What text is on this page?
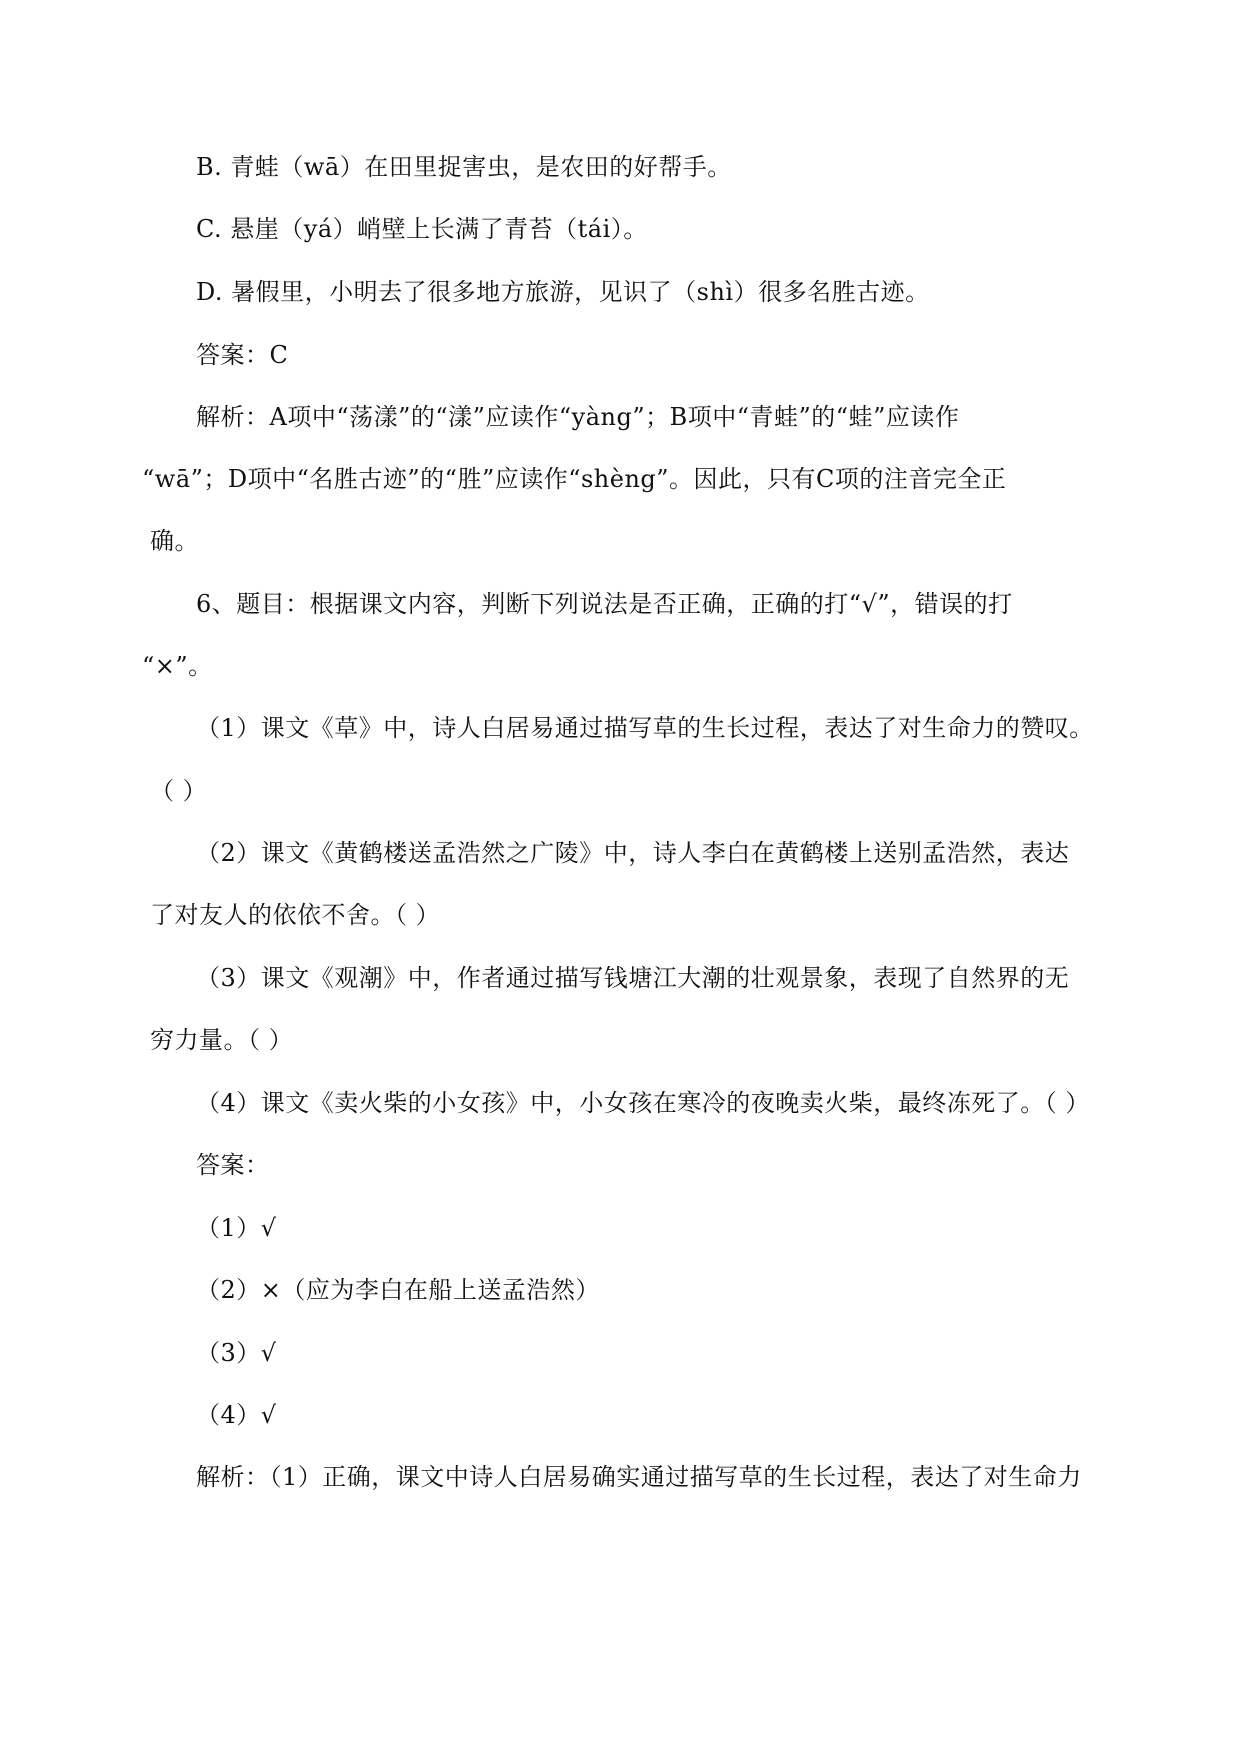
B. 青蛙（wā）在田里捉害虫，是农田的好帮手。
C. 悬崖（yá）峭壁上长满了青苔（tái）。
D. 暑假里，小明去了很多地方旅游，见识了（shì）很多名胜古迹。
答案：C
解析：A项中“荡漾”的“漾”应读作“yàng”；B项中“青蛙”的“蛙”应读作
“wā”；D项中“名胜古迹”的“胜”应读作“shèng”。因此，只有C项的注音完全正
确。
6、题目：根据课文内容，判断下列说法是否正确，正确的打“√”，错误的打
“×”。
（1）课文《草》中，诗人白居易通过描写草的生长过程，表达了对生命力的赞叹。
（ ）
（2）课文《黄鹤楼送孟浩然之广陵》中，诗人李白在黄鹤楼上送别孟浩然，表达
了对友人的依依不舍。（ ）
（3）课文《观潮》中，作者通过描写钱塘江大潮的壮观景象，表现了自然界的无
穷力量。（ ）
（4）课文《卖火柴的小女孩》中，小女孩在寒冷的夜晚卖火柴，最终冻死了。（ ）
答案：
（1）√
（2）×（应为李白在船上送孟浩然）
（3）√
（4）√
解析：（1）正确，课文中诗人白居易确实通过描写草的生长过程，表达了对生命力
